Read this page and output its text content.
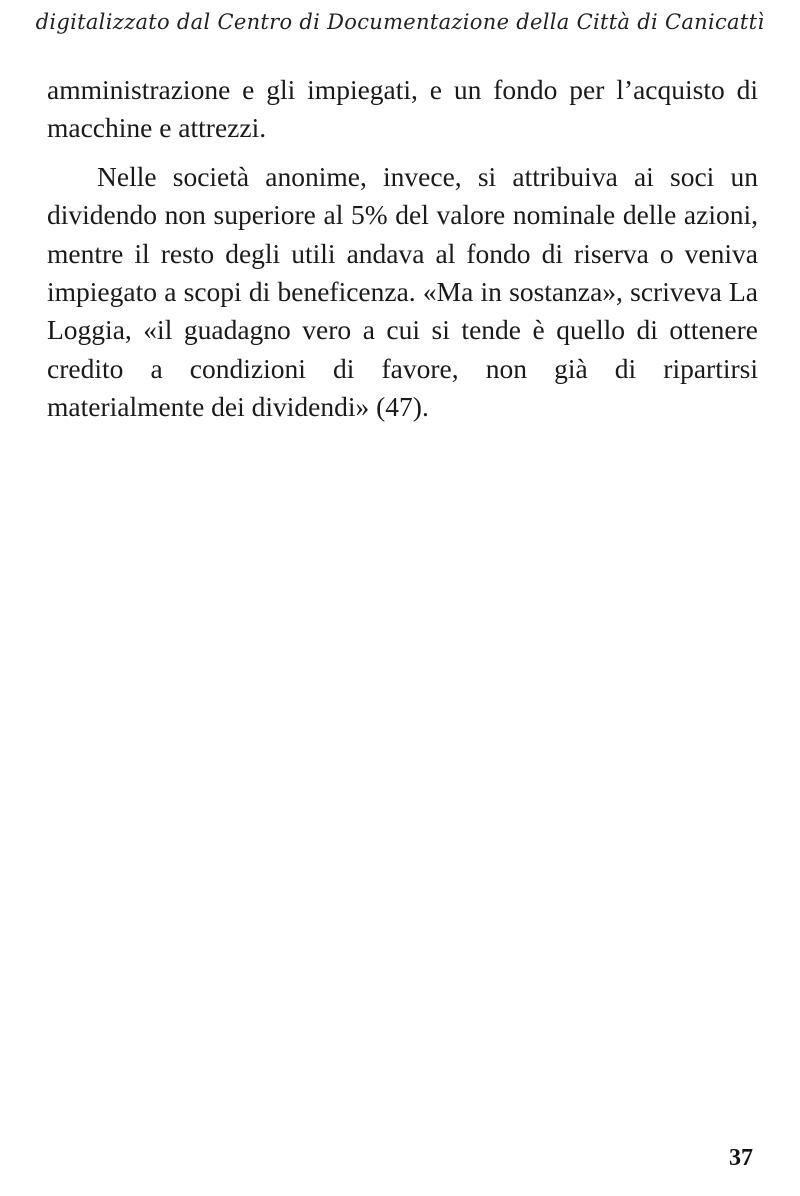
digitalizzato dal Centro di Documentazione della Città di Canicattì

amministrazione e gli impiegati, e un fondo per l’acquisto di macchine e attrezzi.

Nelle società anonime, invece, si attribuiva ai soci un dividendo non superiore al 5% del valore nominale delle azioni, mentre il resto degli utili andava al fondo di riserva o veniva impiegato a scopi di beneficenza. «Ma in sostanza», scriveva La Loggia, «il guadagno vero a cui si tende è quello di ottenere credito a condizioni di favore, non già di ripartirsi materialmente dei dividendi» (47).

37
